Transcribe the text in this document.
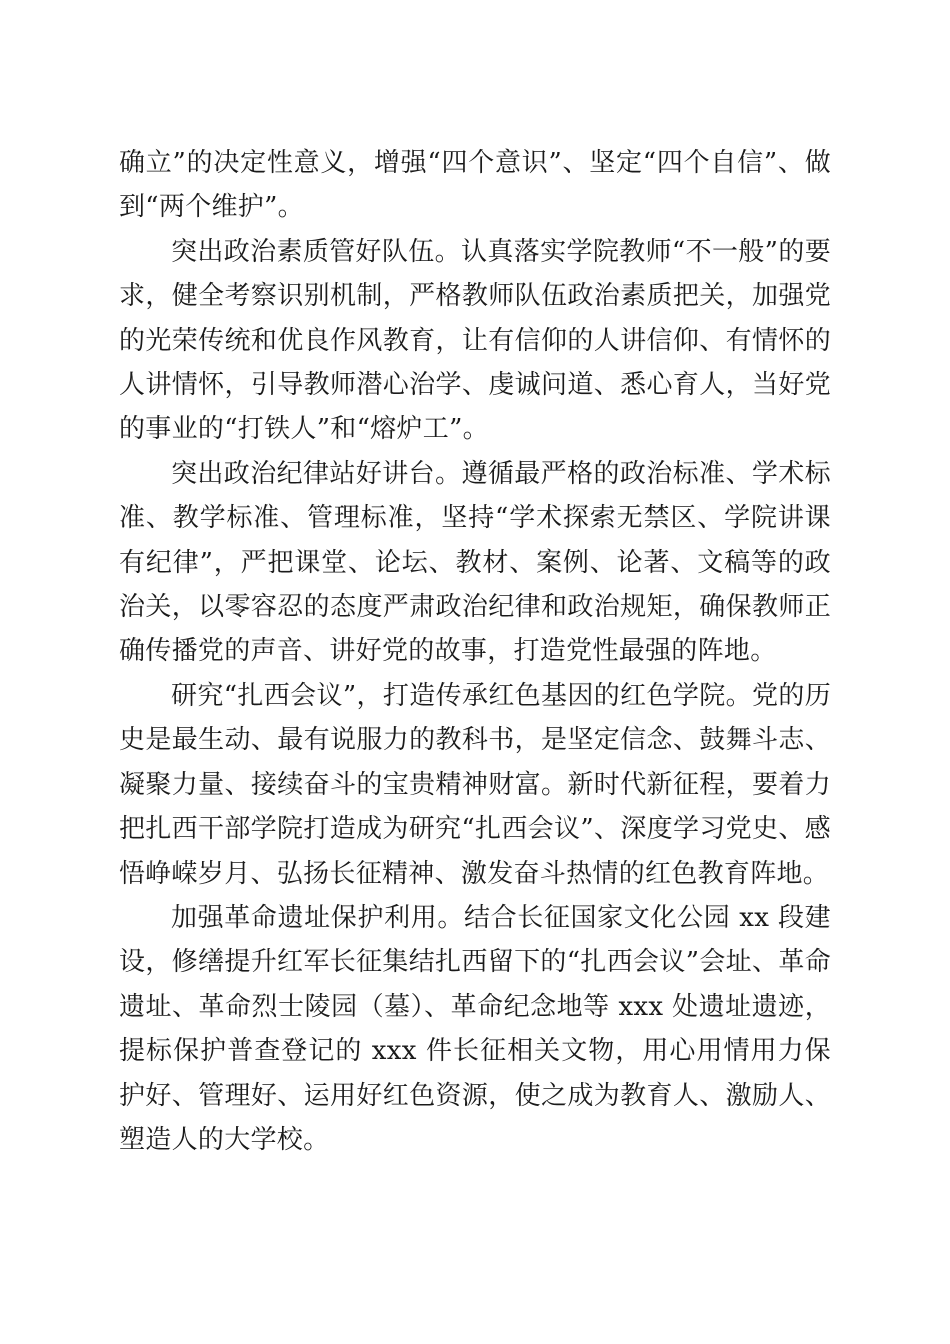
确立”的决定性意义，增强“四个意识”、坚定“四个自信”、做到“两个维护”。

突出政治素质管好队伍。认真落实学院教师“不一般”的要求，健全考察识别机制，严格教师队伍政治素质把关，加强党的光荣传统和优良作风教育，让有信仰的人讲信仰、有情怀的人讲情怀，引导教师潜心治学、虔诚问道、悉心育人，当好党的事业的“打铁人”和“熔炉工”。

突出政治纪律站好讲台。遵循最严格的政治标准、学术标准、教学标准、管理标准，坚持“学术探索无禁区、学院讲课有纪律”，严把课堂、论坛、教材、案例、论著、文稿等的政治关，以零容忍的态度严肃政治纪律和政治规矩，确保教师正确传播党的声音、讲好党的故事，打造党性最强的阵地。

研究“扎西会议”，打造传承红色基因的红色学院。党的历史是最生动、最有说服力的教科书，是坚定信念、鼓舞斗志、凝聚力量、接续奋斗的宝贵精神财富。新时代新征程，要着力把扎西干部学院打造成为研究“扎西会议”、深度学习党史、感悟峥嵘岁月、弘扬长征精神、激发奋斗热情的红色教育阵地。

加强革命遗址保护利用。结合长征国家文化公园 xx 段建设，修缮提升红军长征集结扎西留下的“扎西会议”会址、革命遗址、革命烈士陵园（墓）、革命纪念地等 xxx 处遗址遗迹，提标保护普查登记的 xxx 件长征相关文物，用心用情用力保护好、管理好、运用好红色资源，使之成为教育人、激励人、塑造人的大学校。
